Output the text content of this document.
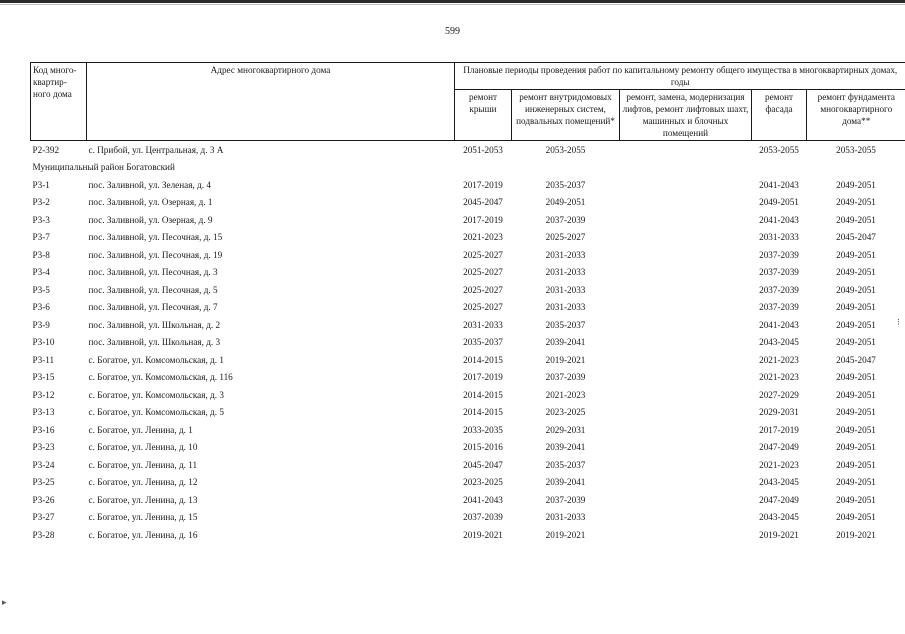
599
Код много-квартир-ного дома	Адрес многоквартирного дома	Плановые периоды проведения работ по капитальному ремонту общего имущества в многоквартирных домах, годы				
		ремонт крыши	ремонт внутридомовых инженерных систем, подвальных помещений*	ремонт, замена, модернизация лифтов, ремонт лифтовых шахт, машинных и блочных помещений	ремонт фасада	ремонт фундамента многоквартирного дома**
Р2-392	с. Прибой, ул. Центральная, д. 3 А	2051-2053	2053-2055		2053-2055	2053-2055
Муниципальный район Богатовский						
Р3-1	пос. Заливной, ул. Зеленая, д. 4	2017-2019	2035-2037		2041-2043	2049-2051
Р3-2	пос. Заливной, ул. Озерная, д. 1	2045-2047	2049-2051		2049-2051	2049-2051
Р3-3	пос. Заливной, ул. Озерная, д. 9	2017-2019	2037-2039		2041-2043	2049-2051
Р3-7	пос. Заливной, ул. Песочная, д. 15	2021-2023	2025-2027		2031-2033	2045-2047
Р3-8	пос. Заливной, ул. Песочная, д. 19	2025-2027	2031-2033		2037-2039	2049-2051
Р3-4	пос. Заливной, ул. Песочная, д. 3	2025-2027	2031-2033		2037-2039	2049-2051
Р3-5	пос. Заливной, ул. Песочная, д. 5	2025-2027	2031-2033		2037-2039	2049-2051
Р3-6	пос. Заливной, ул. Песочная, д. 7	2025-2027	2031-2033		2037-2039	2049-2051
Р3-9	пос. Заливной, ул. Школьная, д. 2	2031-2033	2035-2037		2041-2043	2049-2051
Р3-10	пос. Заливной, ул. Школьная, д. 3	2035-2037	2039-2041		2043-2045	2049-2051
Р3-11	с. Богатое, ул. Комсомольская, д. 1	2014-2015	2019-2021		2021-2023	2045-2047
Р3-15	с. Богатое, ул. Комсомольская, д. 116	2017-2019	2037-2039		2021-2023	2049-2051
Р3-12	с. Богатое, ул. Комсомольская, д. 3	2014-2015	2021-2023		2027-2029	2049-2051
Р3-13	с. Богатое, ул. Комсомольская, д. 5	2014-2015	2023-2025		2029-2031	2049-2051
Р3-16	с. Богатое, ул. Ленина, д. 1	2033-2035	2029-2031		2017-2019	2049-2051
Р3-23	с. Богатое, ул. Ленина, д. 10	2015-2016	2039-2041		2047-2049	2049-2051
Р3-24	с. Богатое, ул. Ленина, д. 11	2045-2047	2035-2037		2021-2023	2049-2051
Р3-25	с. Богатое, ул. Ленина, д. 12	2023-2025	2039-2041		2043-2045	2049-2051
Р3-26	с. Богатое, ул. Ленина, д. 13	2041-2043	2037-2039		2047-2049	2049-2051
Р3-27	с. Богатое, ул. Ленина, д. 15	2037-2039	2031-2033		2043-2045	2049-2051
Р3-28	с. Богатое, ул. Ленина, д. 16	2019-2021	2019-2021		2019-2021	2019-2021
⁝
▸
